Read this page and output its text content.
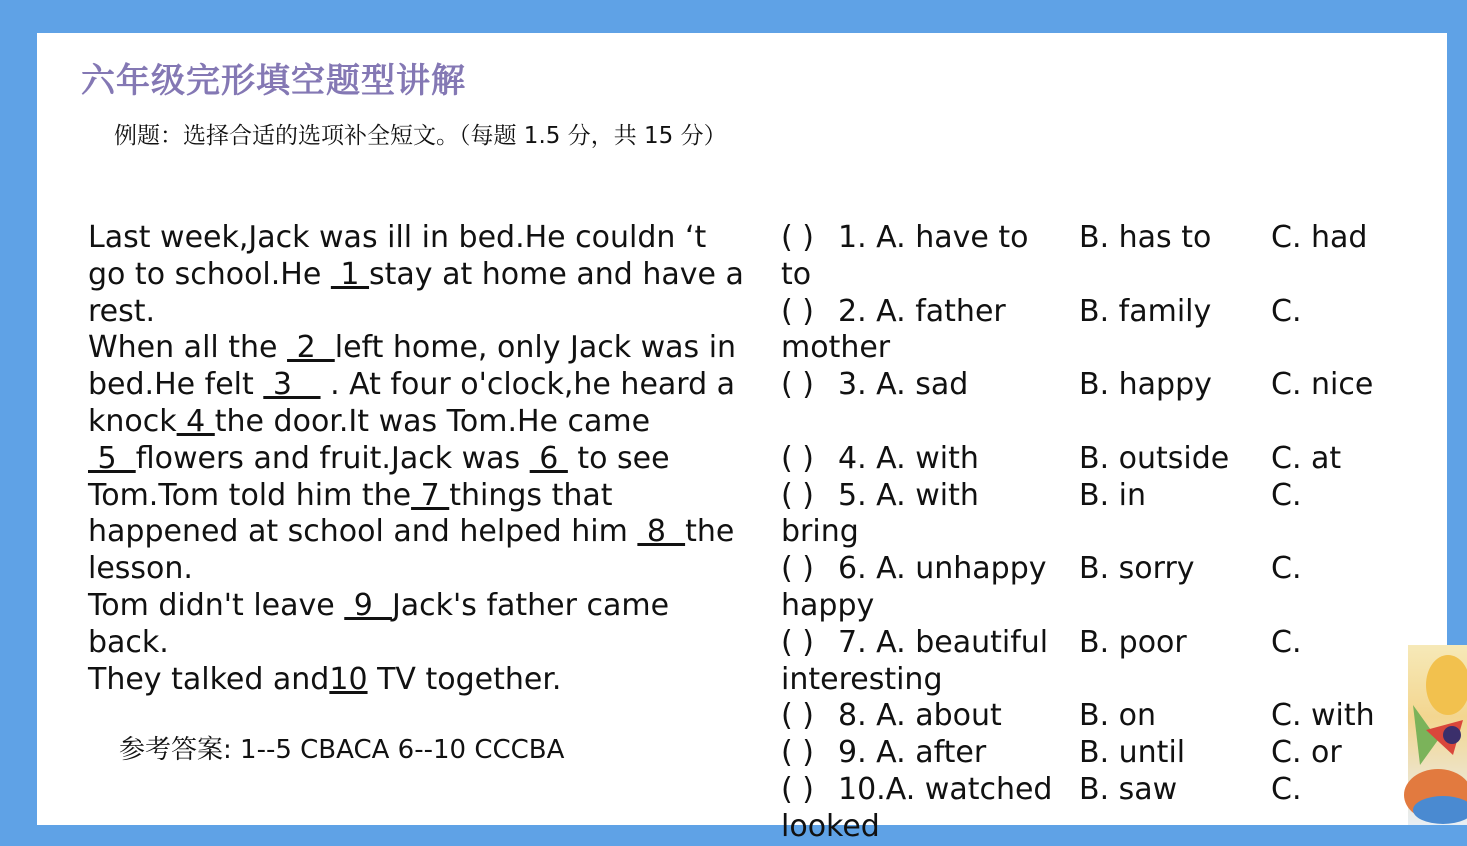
六年级完形填空题型讲解
例题：选择合适的选项补全短文。（每题 1.5 分，共 15 分）

Last week,Jack was ill in bed.He couldn ‘t go to school.He  1 stay at home and have a rest.

When all the  2  left home, only Jack was in bed.He felt  3    . At four o'clock,he heard a knock 4 the door.It was Tom.He came 5  flowers and fruit.Jack was  6  to see Tom.Tom told him the 7 things that happened at school and helped him  8  the lesson.

Tom didn't leave  9  Jack's father came back.

They talked and10 TV together.

参考答案: 1--5 CBACA 6--10 CCCBA
( ) 1. A. have to B. has to C. had
to
( ) 2. A. father B. family C.
mother
( ) 3. A. sad	B. happy C. nice
( ) 4. A. with	B. outside C. at
( ) 5. A. with	B. in	C.
bring
( ) 6. A. unhappy B. sorry	C.
happy
( ) 7. A. beautiful B. poor	C.
interesting
( ) 8. A. about	B. on	C. with
( ) 9. A. after	B. until	C. or
( ) 10.A. watched B. saw	C.
looked
